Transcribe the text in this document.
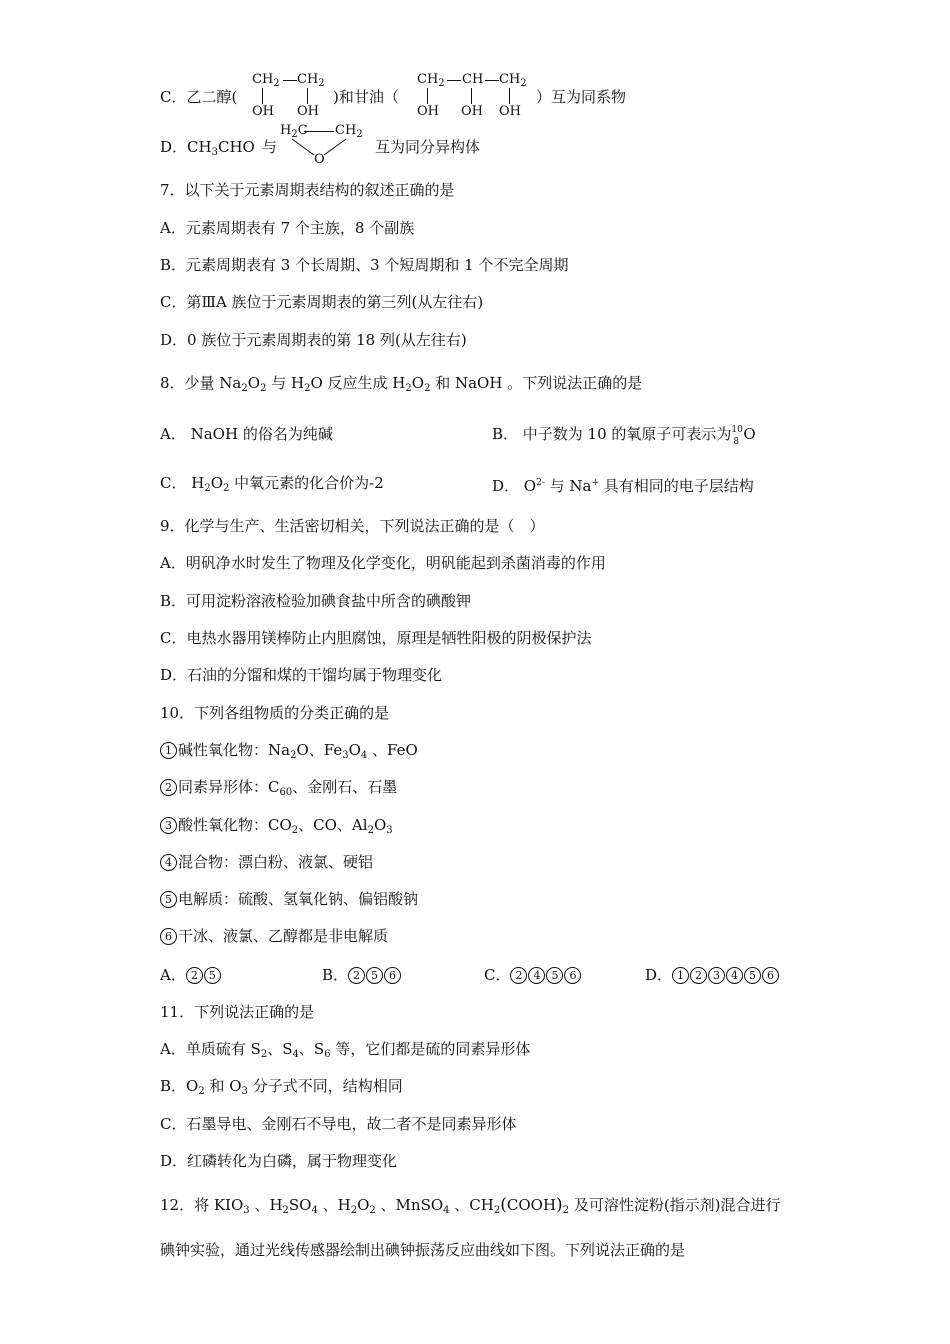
C．乙二醇(
$CH_2$ $CH_2$
OH OH
)和甘油（
$CH_2$ CH $CH_2$
OH OH OH
）互为同系物
D．$CH_3CHO$ 与
$H_2C$ $CH_2$
O
互为同分异构体
7．以下关于元素周期表结构的叙述正确的是
A．元素周期表有 7 个主族，8 个副族
B．元素周期表有 3 个长周期、3 个短周期和 1 个不完全周期
C．第ⅢA 族位于元素周期表的第三列(从左往右)
D．0 族位于元素周期表的第 18 列(从左往右)
8．少量 $Na_2O_2$ 与 $H_2O$ 反应生成 $H_2O_2$ 和 NaOH 。下列说法正确的是
A． NaOH 的俗名为纯碱	B． 中子数为 10 的氧原子可表示为 10
8 O
C． $H_2O_2$ 中氧元素的化合价为-2	D． $O^{2-}$ 与 Na+ 具有相同的电子层结构
9．化学与生产、生活密切相关，下列说法正确的是（　）
A．明矾净水时发生了物理及化学变化，明矾能起到杀菌消毒的作用
B．可用淀粉溶液检验加碘食盐中所含的碘酸钾
C．电热水器用镁棒防止内胆腐蚀，原理是牺牲阳极的阴极保护法
D．石油的分馏和煤的干馏均属于物理变化
10．下列各组物质的分类正确的是
1 碱性氧化物：$Na_2O$、$Fe_3O_4$ 、FeO
2 同素异形体：$C_{60}$、金刚石、石墨
3 酸性氧化物：$CO_2$、CO、$Al_2O_3$
4 混合物：漂白粉、液氯、硬铝
5 电解质：硫酸、氢氧化钠、偏铝酸钠
6 干冰、液氯、乙醇都是非电解质
A． 2 5	B． 2 5 6	C． 2 4 5 6	D． 1 2 3 4 5 6
11．下列说法正确的是
A．单质硫有 $S_2$、$S_4$、$S_6$ 等，它们都是硫的同素异形体
B．$O_2$ 和 $O_3$ 分子式不同，结构相同
C．石墨导电、金刚石不导电，故二者不是同素异形体
D．红磷转化为白磷，属于物理变化
12．将 $KIO_3$ 、$H_2SO_4$ 、$H_2O_2$ 、MnSO$_4$ 、$CH_2(COOH)_2$ 及可溶性淀粉(指示剂)混合进行
碘钟实验，通过光线传感器绘制出碘钟振荡反应曲线如下图。下列说法正确的是
